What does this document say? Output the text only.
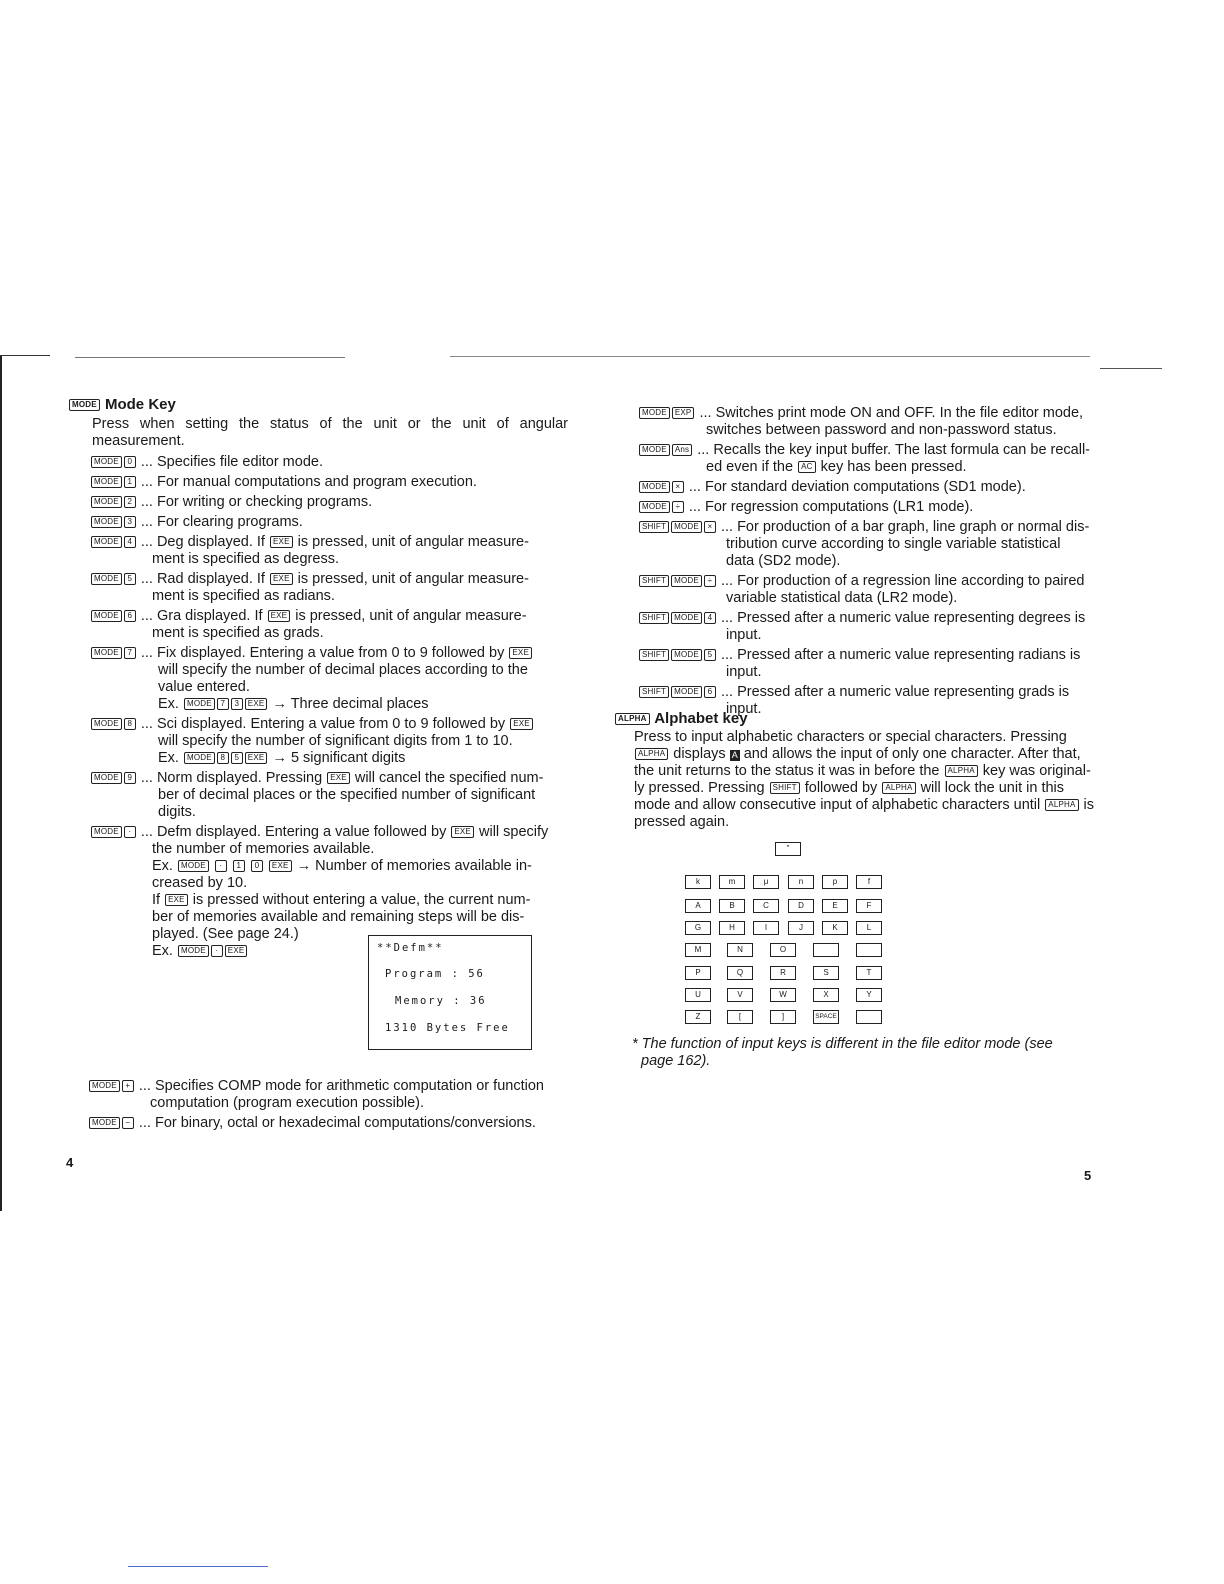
MODE Mode Key
Press when setting the status of the unit or the unit of angular measurement.
MODE 0 ... Specifies file editor mode.
MODE 1 ... For manual computations and program execution.
MODE 2 ... For writing or checking programs.
MODE 3 ... For clearing programs.
MODE 4 ... Deg displayed. If EXE is pressed, unit of angular measure-
ment is specified as degress.
MODE 5 ... Rad displayed. If EXE is pressed, unit of angular measure-
ment is specified as radians.
MODE 6 ... Gra displayed. If EXE is pressed, unit of angular measure-
ment is specified as grads.
MODE 7 ... Fix displayed. Entering a value from 0 to 9 followed by EXE
will specify the number of decimal places according to the
value entered.
Ex. MODE 7 3 EXE → Three decimal places
MODE 8 ... Sci displayed. Entering a value from 0 to 9 followed by EXE
will specify the number of significant digits from 1 to 10.
Ex. MODE 8 5 EXE → 5 significant digits
MODE 9 ... Norm displayed. Pressing EXE will cancel the specified num-
ber of decimal places or the specified number of significant
digits.
MODE · ... Defm displayed. Entering a value followed by EXE will specify
the number of memories available.
Ex. MODE · 1 0 EXE → Number of memories available in-
creased by 10.
If EXE is pressed without entering a value, the current num-
ber of memories available and remaining steps will be dis-
played. (See page 24.)
Ex. MODE · EXE	**Defm**
Program : 56
Memory : 36
1310 Bytes Free
MODE + ... Specifies COMP mode for arithmetic computation or function
computation (program execution possible).
MODE − ... For binary, octal or hexadecimal computations/conversions.
4
MODE EXP ... Switches print mode ON and OFF. In the file editor mode,
switches between password and non-password status.
MODE Ans ... Recalls the key input buffer. The last formula can be recall-
ed even if the AC key has been pressed.
MODE × ... For standard deviation computations (SD1 mode).
MODE ÷ ... For regression computations (LR1 mode).
SHIFT MODE × ... For production of a bar graph, line graph or normal dis-
tribution curve according to single variable statistical
data (SD2 mode).
SHIFT MODE ÷ ... For production of a regression line according to paired
variable statistical data (LR2 mode).
SHIFT MODE 4 ... Pressed after a numeric value representing degrees is
input.
SHIFT MODE 5 ... Pressed after a numeric value representing radians is
input.
SHIFT MODE 6 ... Pressed after a numeric value representing grads is
input.
ALPHA Alphabet key
Press to input alphabetic characters or special characters. Pressing
ALPHA displays A and allows the input of only one character. After that,
the unit returns to the status it was in before the ALPHA key was original-
ly pressed. Pressing SHIFT followed by ALPHA will lock the unit in this
mode and allow consecutive input of alphabetic characters until ALPHA is
pressed again.
"
k	m	μ	n	p	f
A	B	C	D	E	F
G	H	I	J	K	L
M	N	O
P	Q	R	S	T
U	V	W	X	Y
Z	[	]	SPACE
* The function of input keys is different in the file editor mode (see
page 162).
5
